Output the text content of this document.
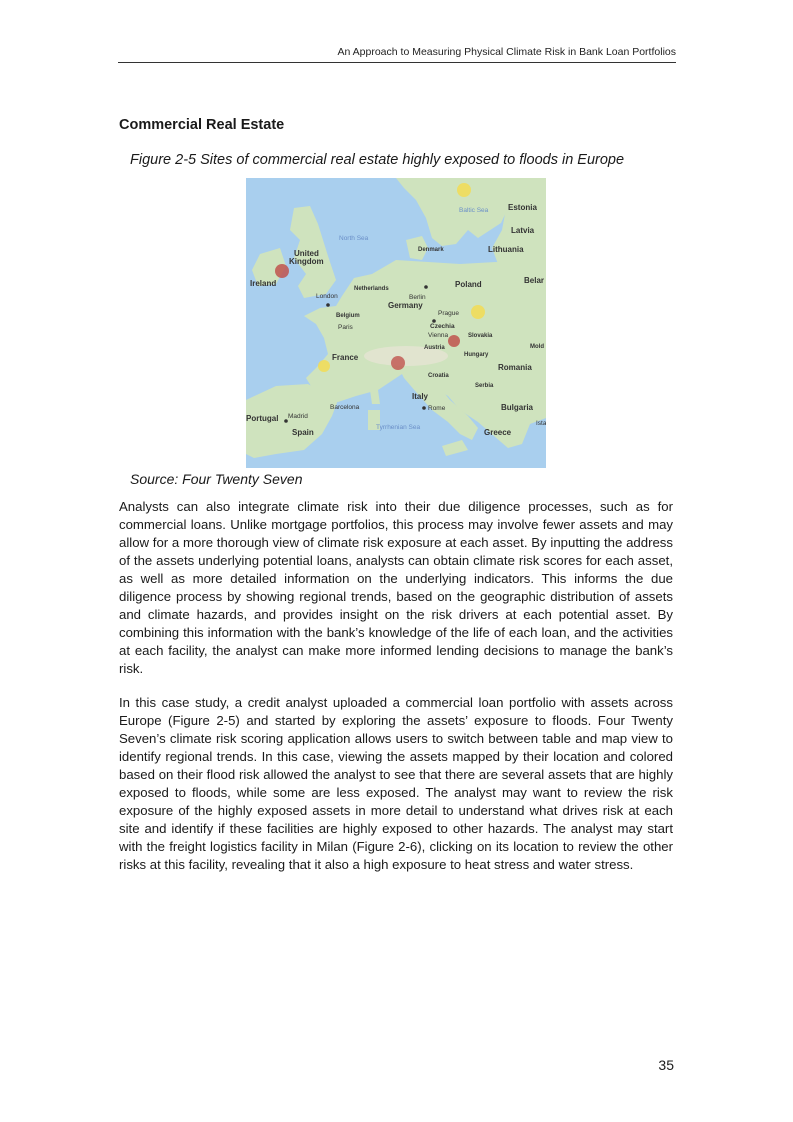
An Approach to Measuring Physical Climate Risk in Bank Loan Portfolios
Commercial Real Estate
Figure 2-5 Sites of commercial real estate highly exposed to floods in Europe
Baltic Sea Estonia
Latvia
North Sea
Denmark	Lithuania
United
Kingdom
Ireland
Netherlands	Poland	Belar
London	Berlin
Germany
Belgium	Prague
Paris	Czechia
Vienna	Slovakia
Mold
Austria
Hungary
France
Romania
Croatia
Serbia
Italy
Barcelona	Rome	Bulgaria
Portugal Madrid
Ista
Spain
Tyrrhenian Sea
Greece
Source: Four Twenty Seven

Analysts can also integrate climate risk into their due diligence processes, such as for commercial loans. Unlike mortgage portfolios, this process may involve fewer assets and may allow for a more thorough view of climate risk exposure at each asset. By inputting the address of the assets underlying potential loans, analysts can obtain climate risk scores for each asset, as well as more detailed information on the underlying indicators. This informs the due diligence process by showing regional trends, based on the geographic distribution of assets and climate hazards, and provides insight on the risk drivers at each potential asset. By combining this information with the bank’s knowledge of the life of each loan, and the activities at each facility, the analyst can make more informed lending decisions to manage the bank’s risk.

In this case study, a credit analyst uploaded a commercial loan portfolio with assets across Europe (Figure 2-5) and started by exploring the assets’ exposure to floods. Four Twenty Seven’s climate risk scoring application allows users to switch between table and map view to identify regional trends. In this case, viewing the assets mapped by their location and colored based on their flood risk allowed the analyst to see that there are several assets that are highly exposed to floods, while some are less exposed. The analyst may want to review the risk exposure of the highly exposed assets in more detail to understand what drives risk at each site and identify if these facilities are highly exposed to other hazards. The analyst may start with the freight logistics facility in Milan (Figure 2-6), clicking on its location to review the other risks at this facility, revealing that it also a high exposure to heat stress and water stress.

35
